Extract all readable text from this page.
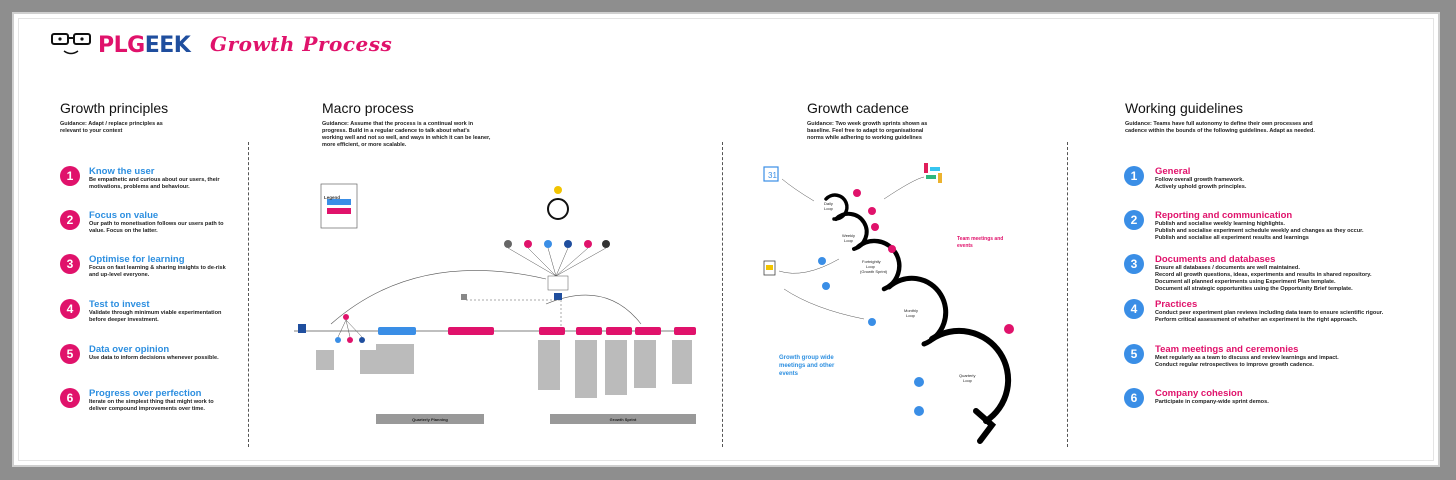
PLGEEK Growth Process
Growth principles
Guidance: Adapt / replace principles as relevant to your context
Macro process
Guidance: Assume that the process is a continual work in progress. Build in a regular cadence to talk about what's working well and not so well, and ways in which it can be leaner, more efficient, or more scalable.
Growth cadence
Guidance: Two week growth sprints shown as baseline. Feel free to adapt to organisational norms while adhering to working guidelines
Working guidelines
Guidance: Teams have full autonomy to define their own processes and cadence within the bounds of the following guidelines. Adapt as needed.
1	Know the user
Be empathetic and curious about our users, their motivations, problems and behaviour.
2	Focus on value
Our path to monetisation follows our users path to value. Focus on the latter.
3	Optimise for learning
Focus on fast learning & sharing insights to de-risk and up-level everyone.
4	Test to invest
Validate through minimum viable experimentation before deeper investment.
5	Data over opinion
Use data to inform decisions whenever possible.
6	Progress over perfection
Iterate on the simplest thing that might work to deliver compound improvements over time.
Quarterly Planning	Growth Sprint
Legend
31
Daily
Loop
Weekly
Loop
Fortnightly
Loop
(Growth Sprint)
Monthly
Loop
Quarterly
Loop
Team meetings and events
Growth group wide meetings and other events
1	General
Follow overall growth framework.
Actively uphold growth principles.
2	Reporting and communication
Publish and socialise weekly learning highlights.
Publish and socialise experiment schedule weekly and changes as they occur.
Publish and socialise all experiment results and learnings
3	Documents and databases
Ensure all databases / documents are well maintained.
Record all growth questions, ideas, experiments and results in shared repository.
Document all planned experiments using Experiment Plan template.
Document all strategic opportunities using the Opportunity Brief template.
4	Practices
Conduct peer experiment plan reviews including data team to ensure scientific rigour.
Perform critical assessment of whether an experiment is the right approach.
5	Team meetings and ceremonies
Meet regularly as a team to discuss and review learnings and impact.
Conduct regular retrospectives to improve growth cadence.
6	Company cohesion
Participate in company-wide sprint demos.
